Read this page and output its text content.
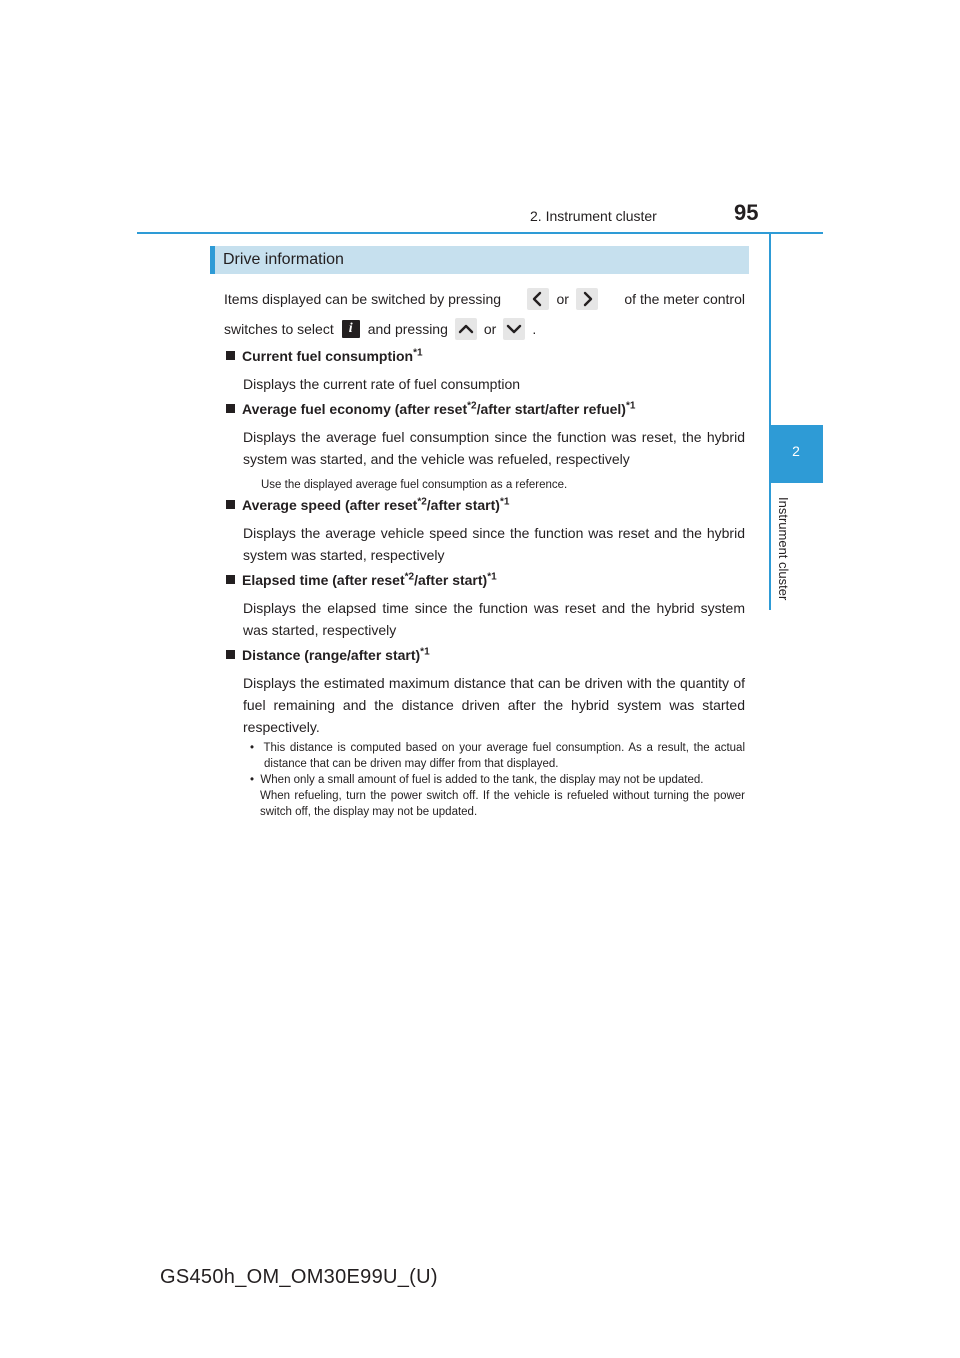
2. Instrument cluster	95
2
Instrument cluster
Drive information
Items displayed can be switched by pressing	or	of the meter control
switches to select	i	and pressing	or	.
Current fuel consumption$^{*1}$
Displays the current rate of fuel consumption
Average fuel economy (after reset$^{*2}$/after start/after refuel)$^{*1}$
Displays the average fuel consumption since the function was reset, the hybrid system was started, and the vehicle was refueled, respectively
Use the displayed average fuel consumption as a reference.
Average speed (after reset$^{*2}$/after start)$^{*1}$
Displays the average vehicle speed since the function was reset and the hybrid system was started, respectively
Elapsed time (after reset$^{*2}$/after start)$^{*1}$
Displays the elapsed time since the function was reset and the hybrid system was started, respectively
Distance (range/after start)$^{*1}$
Displays the estimated maximum distance that can be driven with the quantity of fuel remaining and the distance driven after the hybrid system was started respectively.
• This distance is computed based on your average fuel consumption. As a result, the actual distance that can be driven may differ from that displayed.
• When only a small amount of fuel is added to the tank, the display may not be updated.
When refueling, turn the power switch off. If the vehicle is refueled without turning the power switch off, the display may not be updated.
GS450h_OM_OM30E99U_(U)
